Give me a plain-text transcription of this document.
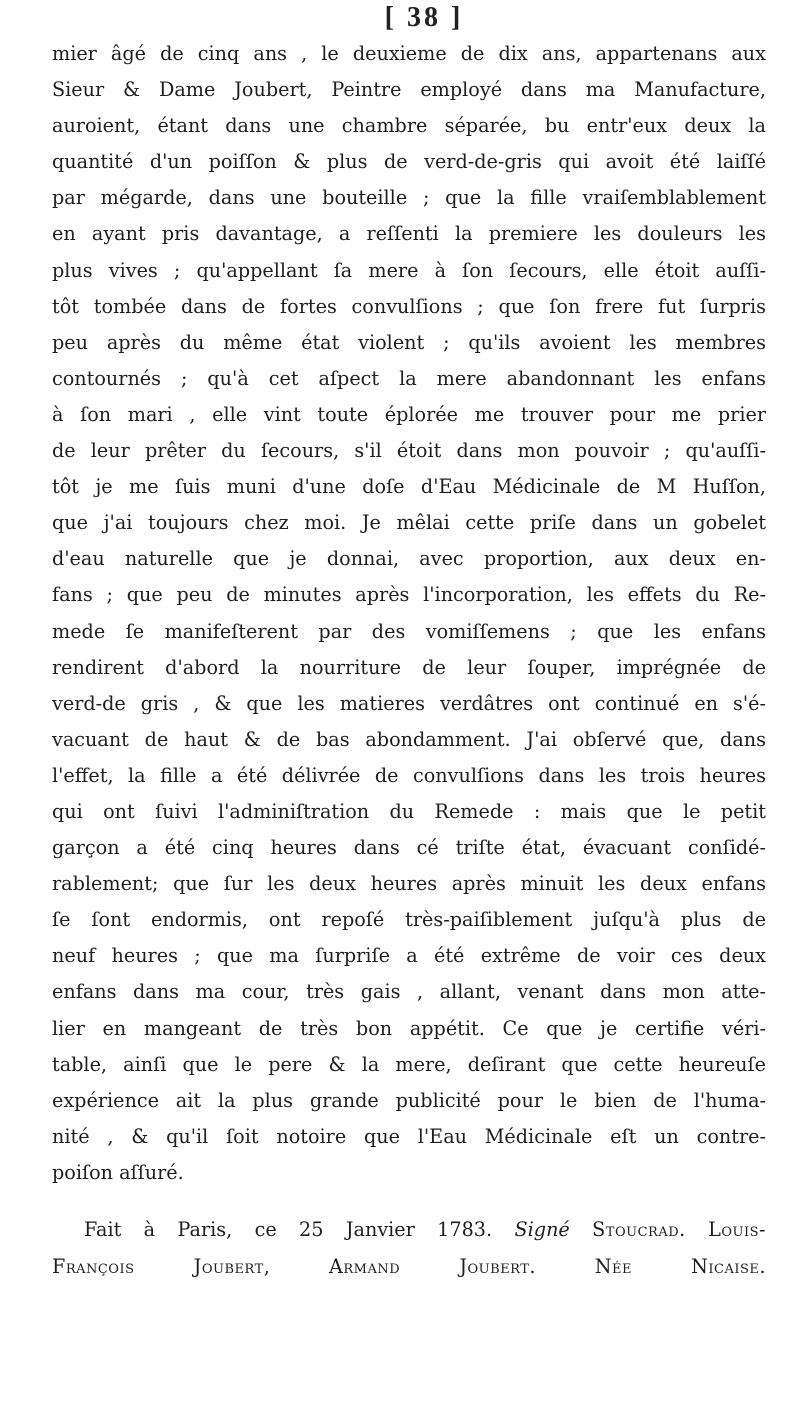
[ 38 ]
mier âgé de cinq ans , le deuxieme de dix ans, appartenans aux
Sieur & Dame Joubert, Peintre employé dans ma Manufacture,
auroient, étant dans une chambre séparée, bu entr'eux deux la
quantité d'un poiſſon & plus de verd-de-gris qui avoit été laiſſé
par mégarde, dans une bouteille ; que la fille vraiſemblablement
en ayant pris davantage, a reſſenti la premiere les douleurs les
plus vives ; qu'appellant ſa mere à ſon ſecours, elle étoit auſſi-
tôt tombée dans de fortes convulſions ; que ſon frere fut ſurpris
peu après du même état violent ; qu'ils avoient les membres
contournés ; qu'à cet aſpect la mere abandonnant les enfans
à ſon mari , elle vint toute éplorée me trouver pour me prier
de leur prêter du ſecours, s'il étoit dans mon pouvoir ; qu'auſſi-
tôt je me ſuis muni d'une doſe d'Eau Médicinale de M Huſſon,
que j'ai toujours chez moi. Je mêlai cette priſe dans un gobelet
d'eau naturelle que je donnai, avec proportion, aux deux en-
fans ; que peu de minutes après l'incorporation, les effets du Re-
mede ſe manifeſterent par des vomiſſemens ; que les enfans
rendirent d'abord la nourriture de leur ſouper, imprégnée de
verd-de gris , & que les matieres verdâtres ont continué en s'é-
vacuant de haut & de bas abondamment. J'ai obſervé que, dans
l'effet, la fille a été délivrée de convulſions dans les trois heures
qui ont ſuivi l'adminiſtration du Remede : mais que le petit
garçon a été cinq heures dans cé triſte état, évacuant conſidé-
rablement; que ſur les deux heures après minuit les deux enfans
ſe ſont endormis, ont repoſé très-paiſiblement juſqu'à plus de
neuf heures ; que ma ſurpriſe a été extrême de voir ces deux
enfans dans ma cour, très gais , allant, venant dans mon atte-
lier en mangeant de très bon appétit. Ce que je certifie véri-
table, ainſi que le pere & la mere, deſirant que cette heureuſe
expérience ait la plus grande publicité pour le bien de l'huma-
nité , & qu'il ſoit notoire que l'Eau Médicinale eſt un contre-
poiſon aſſuré.
Fait à Paris, ce 25 Janvier 1783. Signé Stoucrad. Louis-
François Joubert,	Armand Joubert.	Née Nicaise.
